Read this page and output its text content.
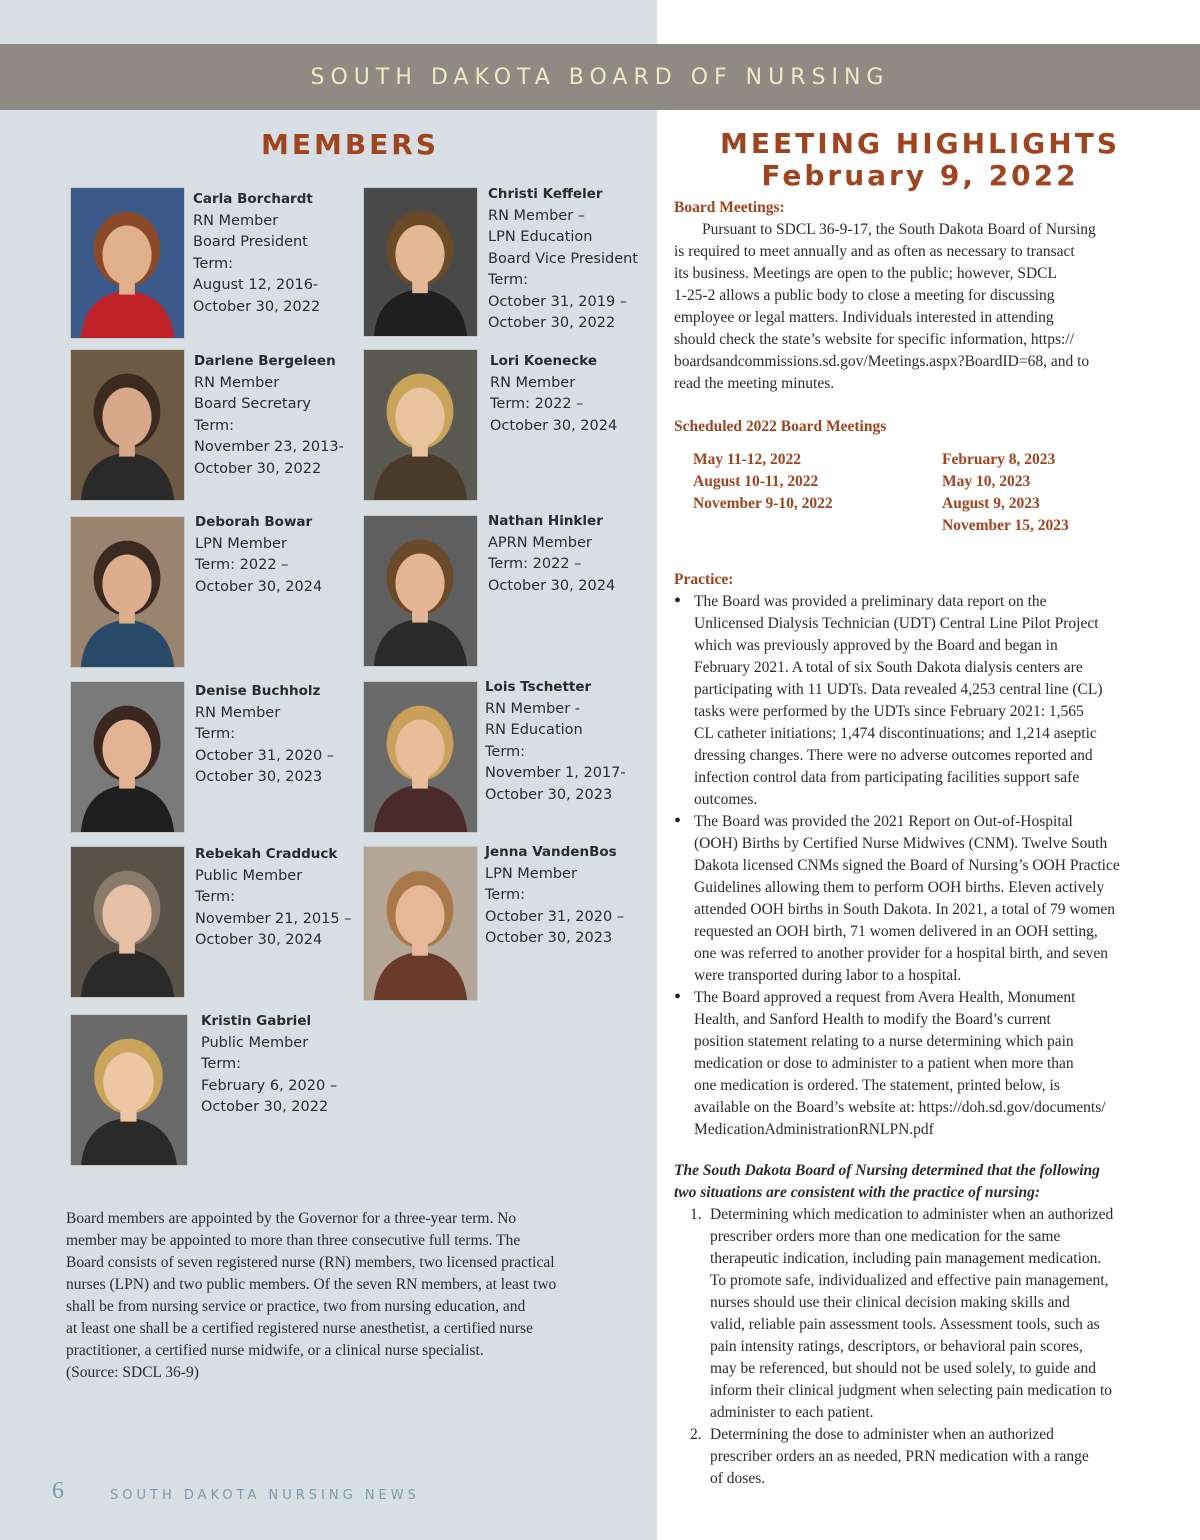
SOUTH DAKOTA BOARD OF NURSING
MEMBERS	MEETING HIGHLIGHTS
February 9, 2022
Carla Borchardt
RN Member
Board President
Term:
August 12, 2016-
October 30, 2022
Christi Keffeler
RN Member –
LPN Education
Board Vice President
Term:
October 31, 2019 –
October 30, 2022
Darlene Bergeleen
RN Member
Board Secretary
Term:
November 23, 2013-
October 30, 2022
Lori Koenecke
RN Member
Term: 2022 –
October 30, 2024
Deborah Bowar
LPN Member
Term: 2022 –
October 30, 2024
Nathan Hinkler
APRN Member
Term: 2022 –
October 30, 2024
Denise Buchholz
RN Member
Term:
October 31, 2020 –
October 30, 2023
Lois Tschetter
RN Member -
RN Education
Term:
November 1, 2017-
October 30, 2023
Rebekah Cradduck
Public Member
Term:
November 21, 2015 –
October 30, 2024
Jenna VandenBos
LPN Member
Term:
October 31, 2020 –
October 30, 2023
Kristin Gabriel
Public Member
Term:
February 6, 2020 –
October 30, 2022
Board members are appointed by the Governor for a three-year term. No
member may be appointed to more than three consecutive full terms. The
Board consists of seven registered nurse (RN) members, two licensed practical
nurses (LPN) and two public members. Of the seven RN members, at least two
shall be from nursing service or practice, two from nursing education, and
at least one shall be a certified registered nurse anesthetist, a certified nurse
practitioner, a certified nurse midwife, or a clinical nurse specialist.
(Source: SDCL 36-9)
6	SOUTH DAKOTA NURSING NEWS
Board Meetings:
Pursuant to SDCL 36-9-17, the South Dakota Board of Nursing
is required to meet annually and as often as necessary to transact
its business. Meetings are open to the public; however, SDCL
1-25-2 allows a public body to close a meeting for discussing
employee or legal matters. Individuals interested in attending
should check the state’s website for specific information, https://
boardsandcommissions.sd.gov/Meetings.aspx?BoardID=68, and to
read the meeting minutes.
Scheduled 2022 Board Meetings
May 11-12, 2022
August 10-11, 2022
November 9-10, 2022
February 8, 2023
May 10, 2023
August 9, 2023
November 15, 2023
Practice:
• The Board was provided a preliminary data report on the
Unlicensed Dialysis Technician (UDT) Central Line Pilot Project
which was previously approved by the Board and began in
February 2021. A total of six South Dakota dialysis centers are
participating with 11 UDTs. Data revealed 4,253 central line (CL)
tasks were performed by the UDTs since February 2021: 1,565
CL catheter initiations; 1,474 discontinuations; and 1,214 aseptic
dressing changes. There were no adverse outcomes reported and
infection control data from participating facilities support safe
outcomes.
• The Board was provided the 2021 Report on Out-of-Hospital
(OOH) Births by Certified Nurse Midwives (CNM). Twelve South
Dakota licensed CNMs signed the Board of Nursing’s OOH Practice
Guidelines allowing them to perform OOH births. Eleven actively
attended OOH births in South Dakota. In 2021, a total of 79 women
requested an OOH birth, 71 women delivered in an OOH setting,
one was referred to another provider for a hospital birth, and seven
were transported during labor to a hospital.
• The Board approved a request from Avera Health, Monument
Health, and Sanford Health to modify the Board’s current
position statement relating to a nurse determining which pain
medication or dose to administer to a patient when more than
one medication is ordered. The statement, printed below, is
available on the Board’s website at: https://doh.sd.gov/documents/
MedicationAdministrationRNLPN.pdf
The South Dakota Board of Nursing determined that the following
two situations are consistent with the practice of nursing:
1. Determining which medication to administer when an authorized
prescriber orders more than one medication for the same
therapeutic indication, including pain management medication.
To promote safe, individualized and effective pain management,
nurses should use their clinical decision making skills and
valid, reliable pain assessment tools. Assessment tools, such as
pain intensity ratings, descriptors, or behavioral pain scores,
may be referenced, but should not be used solely, to guide and
inform their clinical judgment when selecting pain medication to
administer to each patient.
2. Determining the dose to administer when an authorized
prescriber orders an as needed, PRN medication with a range
of doses.
